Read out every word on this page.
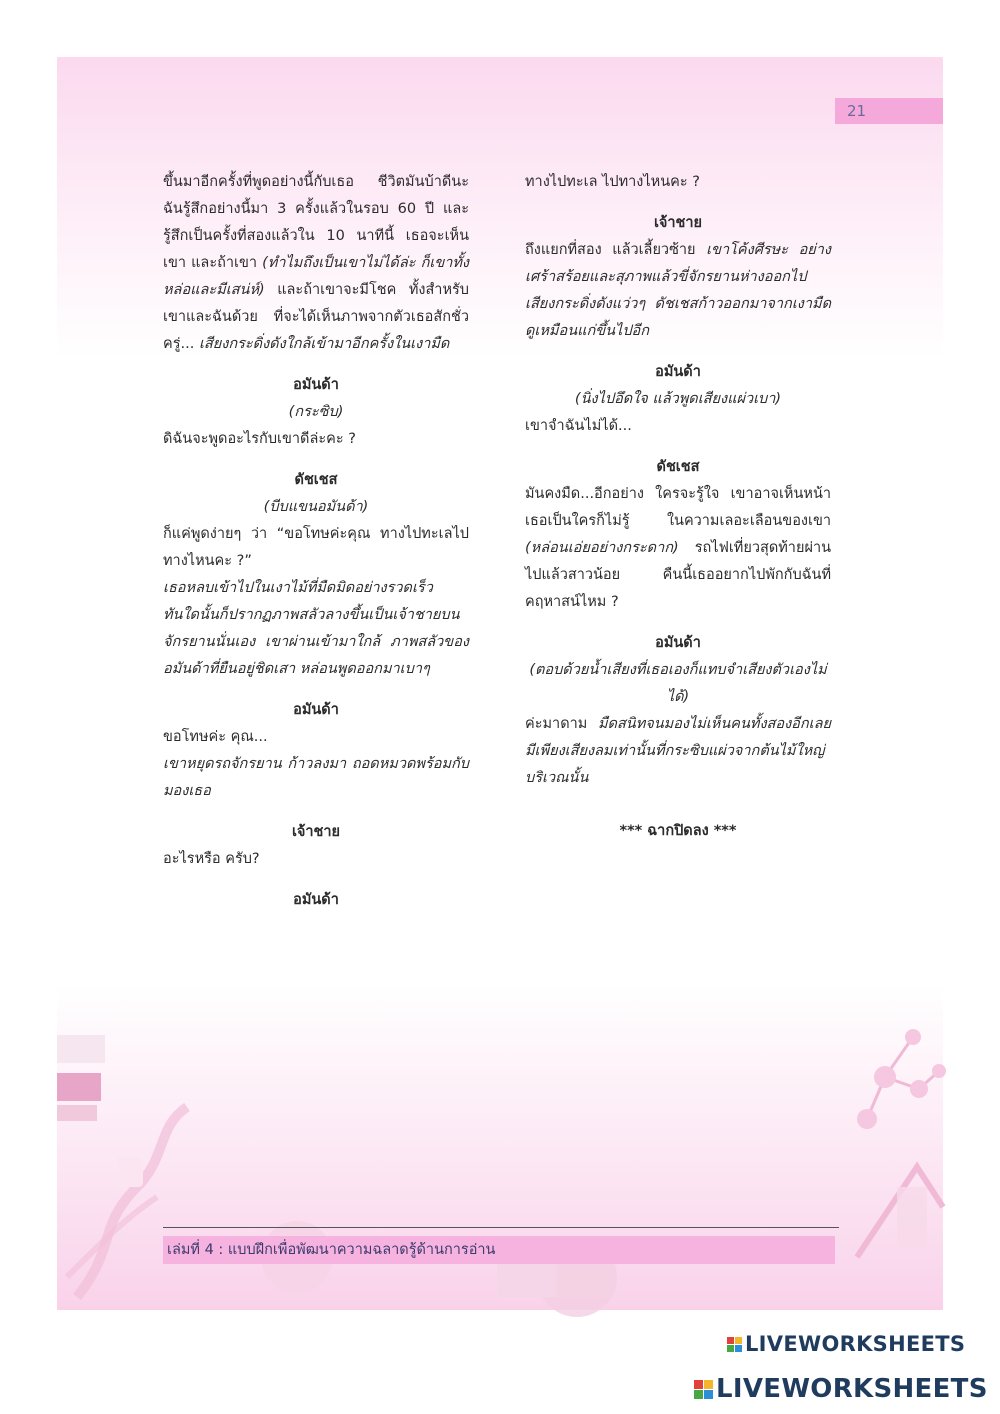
21

ขึ้นมาอีกครั้งที่พูดอย่างนี้กับเธอ ชีวิตมันบ้าดีนะ ฉันรู้สึกอย่างนี้มา 3 ครั้งแล้วในรอบ 60 ปี และรู้สึกเป็นครั้งที่สองแล้วใน 10 นาทีนี้ เธอจะเห็นเขา และถ้าเขา (ทำไมถึงเป็นเขาไม่ได้ล่ะ ก็เขาทั้งหล่อและมีเสน่ห์) และถ้าเขาจะมีโชค ทั้งสำหรับเขาและฉันด้วย ที่จะได้เห็นภาพจากตัวเธอสักชั่วครู่... เสียงกระดิ่งดังใกล้เข้ามาอีกครั้งในเงามืด

อมันด้า

(กระซิบ)

ดิฉันจะพูดอะไรกับเขาดีล่ะคะ ?

ดัชเชส

(บีบแขนอมันด้า)

ก็แค่พูดง่ายๆ ว่า “ขอโทษค่ะคุณ ทางไปทะเลไปทางไหนคะ ?”

เธอหลบเข้าไปในเงาไม้ที่มืดมิดอย่างรวดเร็ว ทันใดนั้นก็ปรากฏภาพสลัวลางขึ้นเป็นเจ้าชายบนจักรยานนั่นเอง เขาผ่านเข้ามาใกล้ ภาพสลัวของ อมันด้าที่ยืนอยู่ชิดเสา หล่อนพูดออกมาเบาๆ

อมันด้า

ขอโทษค่ะ คุณ...

เขาหยุดรถจักรยาน ก้าวลงมา ถอดหมวดพร้อมกับมองเธอ

เจ้าชาย

อะไรหรือ ครับ?

อมันด้า

ทางไปทะเล ไปทางไหนคะ ?

เจ้าชาย

ถึงแยกที่สอง แล้วเลี้ยวซ้าย เขาโค้งศีรษะ อย่างเศร้าสร้อยและสุภาพแล้วขี่จักรยานห่างออกไป เสียงกระดิ่งดังแว่วๆ ดัชเชสก้าวออกมาจากเงามืด ดูเหมือนแก่ขึ้นไปอีก

อมันด้า

(นิ่งไปอึดใจ แล้วพูดเสียงแผ่วเบา)

เขาจำฉันไม่ได้...

ดัชเชส

มันคงมืด...อีกอย่าง ใครจะรู้ใจ เขาอาจเห็นหน้าเธอเป็นใครก็ไม่รู้ ในความเลอะเลือนของเขา (หล่อนเอ่ยอย่างกระดาก) รถไฟเที่ยวสุดท้ายผ่านไปแล้วสาวน้อย คืนนี้เธออยากไปพักกับฉันที่คฤหาสน์ไหม ?

อมันด้า

(ตอบด้วยน้ำเสียงที่เธอเองก็แทบจำเสียงตัวเองไม่ได้)

ค่ะมาดาม มืดสนิทจนมองไม่เห็นคนทั้งสองอีกเลย มีเพียงเสียงลมเท่านั้นที่กระซิบแผ่วจากต้นไม้ใหญ่บริเวณนั้น

*** ฉากปิดลง ***

เล่มที่ 4 : แบบฝึกเพื่อพัฒนาความฉลาดรู้ด้านการอ่าน
LIVEWORKSHEETS
LIVEWORKSHEETS
